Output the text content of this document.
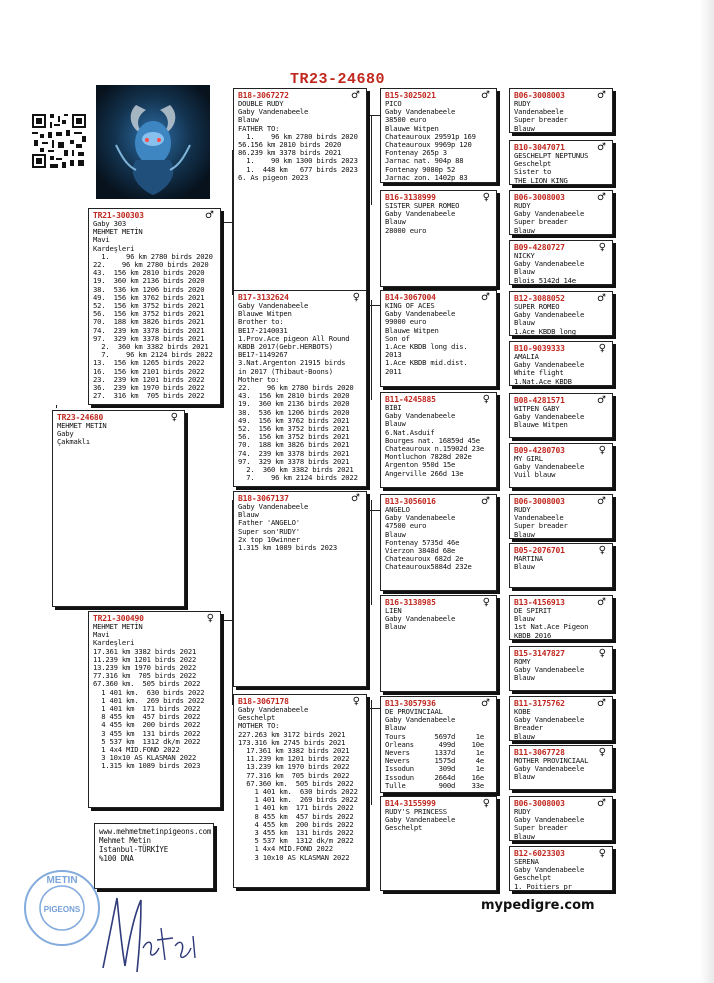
TR23-24680
TR23-24680	♀
MEHMET METİN
Gaby
Çakmaklı
TR21-300303	♂
Gaby 303
MEHMET METİN
Mavi
Kardeşleri
1.    96 km 2780 birds 2020
22.    96 km 2780 birds 2020
43.  156 km 2810 birds 2020
19.  360 km 2136 birds 2020
38.  536 km 1206 birds 2020
49.  156 km 3762 birds 2021
52.  156 km 3752 birds 2021
56.  156 km 3752 birds 2021
70.  188 km 3826 birds 2021
74.  239 km 3378 birds 2021
97.  329 km 3378 birds 2021
2.  360 km 3382 birds 2021
7.    96 km 2124 birds 2022
13.  156 km 1265 birds 2022
16.  156 km 2101 birds 2022
23.  239 km 1201 birds 2022
36.  239 km 1970 birds 2022
27.  316 km  705 birds 2022
TR21-300490	♀
MEHMET METİN
Mavi
Kardeşleri
17.361 km 3382 birds 2021
11.239 km 1201 birds 2022
13.239 km 1970 birds 2022
77.316 km  705 birds 2022
67.360 km.  505 birds 2022
1 401 km.  630 birds 2022
1 401 km.  269 birds 2022
1 401 km  171 birds 2022
8 455 km  457 birds 2022
4 455 km  200 birds 2022
3 455 km  131 birds 2022
5 537 km  1312 dk/m 2022
1 4x4 MİD.FOND 2022
3 10x10 AS KLASMAN 2022
1.315 km 1089 birds 2023
B18-3067272	♂
DOUBLE RUDY
Gaby Vandenabeele
Blauw
FATHER TO:
1.    96 km 2780 birds 2020
56.156 km 2810 birds 2020
86.239 km 3378 birds 2021
1.    90 km 1300 birds 2023
1.  448 km   677 birds 2023
6. As pigeon 2023
B17-3132624	♀
Gaby Vandenabeele
Blauwe Witpen
Brother to:
BE17-2140031
1.Prov.Ace pigeon All Round
KBDB 2017(Gebr.HERBOTS)
BE17-1149267
3.Nat.Argenton 21915 birds
in 2017 (Thibaut-Boons)
Mother to:
22.    96 km 2780 birds 2020
43.  156 km 2810 birds 2020
19.  360 km 2136 birds 2020
38.  536 km 1206 birds 2020
49.  156 km 3762 birds 2021
52.  156 km 3752 birds 2021
56.  156 km 3752 birds 2021
70.  188 km 3826 birds 2021
74.  239 km 3378 birds 2021
97.  329 km 3378 birds 2021
2.  360 km 3382 birds 2021
7.    96 km 2124 birds 2022
B18-3067137	♂
Gaby Vandenabeele
Blauw
Father 'ANGELO'
Super son'RUDY'
2x top 10winner
1.315 km 1089 birds 2023
B18-3067178	♀
Gaby Vandenabeele
Geschelpt
MOTHER TO:
227.263 km 3172 birds 2021
173.316 km 2745 birds 2021
17.361 km 3382 birds 2021
11.239 km 1201 birds 2022
13.239 km 1970 birds 2022
77.316 km  705 birds 2022
67.360 km.  505 birds 2022
1 401 km.  630 birds 2022
1 401 km.  269 birds 2022
1 401 km  171 birds 2022
8 455 km  457 birds 2022
4 455 km  200 birds 2022
3 455 km  131 birds 2022
5 537 km  1312 dk/m 2022
1 4x4 MİD.FOND 2022
3 10x10 AS KLASMAN 2022
B15-3025021	♂
PICO
Gaby Vandenabeele
38500 euro
Blauwe Witpen
Chateauroux 29591p 169
Chateauroux 9969p 120
Fontenay 265p 3
Jarnac nat. 904p 88
Fontenay 9080p 52
Jarnac zon. 1402p 83
B16-3138999	♀
SISTER SUPER ROMEO
Gaby Vandenabeele
Blauw
28000 euro
B14-3067004	♂
KING OF ACES
Gaby Vandenabeele
99000 euro
Blauwe Witpen
Son of
1.Ace KBDB long dis.
2013
1.Ace KBDB mid.dist.
2011
B11-4245885	♀
BIBI
Gaby Vandenabeele
Blauw
6.Nat.Asduif
Bourges nat. 16859d 45e
Chateauroux n.15902d 23e
Montluchon 7828d 202e
Argenton 950d 15e
Angerville 266d 13e
B13-3056016	♂
ANGELO
Gaby Vandenabeele
47500 euro
Blauw
Fontenay 5735d 46e
Vierzon 3848d 68e
Chateauroux 682d 2e
Chateauroux5884d 232e
B16-3138985	♀
LIEN
Gaby Vandenabeele
Blauw
B13-3057936	♂
DE PROVINCIAAL
Gaby Vandenabeele
Blauw
Tours       5697d     1e
Orleans      499d    10e
Nevers      1337d     1e
Nevers      1575d     4e
Issodun      309d     1e
Issodun     2664d    16e
Tulle        900d    33e
B14-3155999	♀
RUDY'S PRINCESS
Gaby Vandenabeele
Geschelpt
B06-3008003	♂
RUDY
Vandenabeele
Super breader
Blauw
B10-3047071	♂
GESCHELPT NEPTUNUS
Geschelpt
Sister to
THE LION KING
B06-3008003	♂
RUDY
Gaby Vandenabeele
Super breader
Blauw
B09-4280727	♀
NICKY
Gaby Vandenabeele
Blauw
Blois 5142d 14e
B12-3088052	♂
SUPER ROMEO
Gaby Vandenabeele
Blauw
1.Ace KBDB long
B10-9039333	♀
AMALIA
Gaby Vandenabeele
White flight
1.Nat.Ace KBDB
B08-4281571	♂
WITPEN GABY
Gaby Vandenabeele
Blauwe Witpen
B09-4280703	♀
MY GIRL
Gaby Vandenabeele
Vuil blauw
B06-3008003	♂
RUDY
Vandenabeele
Super breader
Blauw
B05-2076701	♀
MARTINA
Blauw
B13-4156913	♂
DE SPIRIT
Blauw
1st Nat.Ace Pigeon
KBDB 2016
B15-3147827	♀
ROMY
Gaby Vandenabeele
Blauw
B11-3175762	♂
KOBE
Gaby Vandenabeele
Breader
Blauw
B11-3067728	♀
MOTHER PROVINCIAAL
Gaby Vandenabeele
Blauw
B06-3008003	♂
RUDY
Gaby Vandenabeele
Super breader
Blauw
B12-6023303	♀
SERENA
Gaby Vandenabeele
Geschelpt
1. Poitiers pr
www.mehmetmetinpigeons.com
Mehmet Metin
Istanbul-TÜRKİYE
%100 DNA
METIN
PIGEONS	mypedigre.com
